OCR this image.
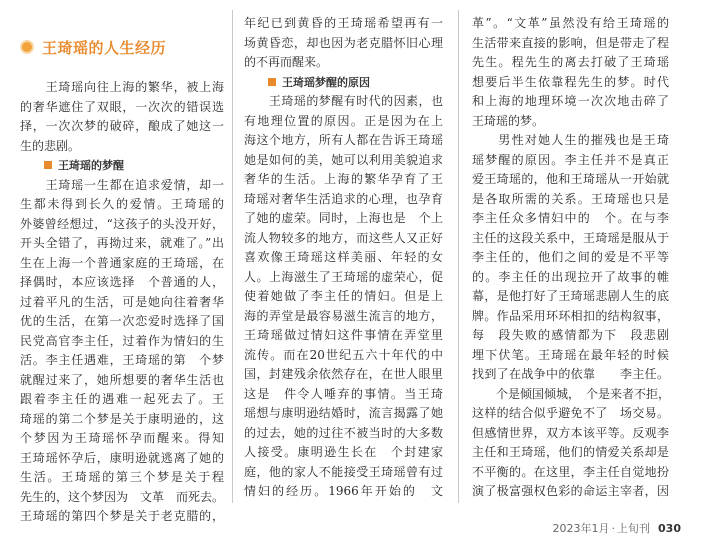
王琦瑶的人生经历
　　王琦瑶向往上海的繁华，被上海
的奢华遮住了双眼，一次次的错误选
择，一次次梦的破碎，酿成了她这一
生的悲剧。
王琦瑶的梦醒
　　王琦瑶一生都在追求爱情，却一
生都未得到长久的爱情。王琦瑶的
外婆曾经想过，“这孩子的头没开好，
开头全错了，再拗过来，就难了。”出
生在上海一个普通家庭的王琦瑶，在
择偶时，本应该选择　个普通的人，
过着平凡的生活，可是她向往着奢华
优的生活，在第一次恋爱时选择了国
民党高官李主任，过着作为情妇的生
活。李主任遇难，王琦瑶的第　个梦
就醒过来了，她所想要的奢华生活也
跟着李主任的遇难一起死去了。王
琦瑶的第二个梦是关于康明逊的，这
个梦因为王琦瑶怀孕而醒来。得知
王琦瑶怀孕后，康明逊就逃离了她的
生活。王琦瑶的第三个梦是关于程
先生的，这个梦因为　文革　而死去。
王琦瑶的第四个梦是关于老克腊的，
年纪已到黄昏的王琦瑶希望再有一
场黄昏恋，却也因为老克腊怀旧心理
的不再而醒来。
王琦瑶梦醒的原因
　　王琦瑶的梦醒有时代的因素，也
有地理位置的原因。正是因为在上
海这个地方，所有人都在告诉王琦瑶
她是如何的美，她可以利用美貌追求
奢华的生活。上海的繁华孕育了王
琦瑶对奢华生活追求的心理，也孕育
了她的虚荣。同时，上海也是　个上
流人物较多的地方，而这些人又正好
喜欢像王琦瑶这样美丽、年轻的女
人。上海滋生了王琦瑶的虚荣心，促
使着她做了李主任的情妇。但是上
海的弄堂是最容易滋生流言的地方，
王琦瑶做过情妇这件事情在弄堂里
流传。而在20世纪五六十年代的中
国，封建残余依然存在，在世人眼里
这是　件令人唾弃的事情。当王琦
瑶想与康明逊结婚时，流言揭露了她
的过去，她的过往不被当时的大多数
人接受。康明逊生长在　个封建家
庭，他的家人不能接受王琦瑶曾有过
情妇的经历。1966年开始的　文
革”。“文革”虽然没有给王琦瑶的
生活带来直接的影响，但是带走了程
先生。程先生的离去打破了王琦瑶
想要后半生依靠程先生的梦。时代
和上海的地理环境一次次地击碎了
王琦瑶的梦。
　　男性对她人生的摧残也是王琦
瑶梦醒的原因。李主任并不是真正
爱王琦瑶的，他和王琦瑶从一开始就
是各取所需的关系。王琦瑶也只是
李主任众多情妇中的　个。在与李
主任的这段关系中，王琦瑶是服从于
李主任的，他们之间的爱是不平等
的。李主任的出现拉开了故事的帷
幕，是他打好了王琦瑶悲剧人生的底
牌。作品采用环环相扣的结构叙事，
每　段失败的感情都为下　段悲剧
埋下伏笔。王琦瑶在最年轻的时候
找到了在战争中的依靠　　李主任。
　　个是倾国倾城，　个是来者不拒，
这样的结合似乎避免不了　场交易。
但感情世界，双方本该平等。反观李
主任和王琦瑶，他们的情爱关系却是
不平衡的。在这里，李主任自觉地扮
演了极富强权色彩的命运主宰者，因
2023年1月 · 上旬刊 030
